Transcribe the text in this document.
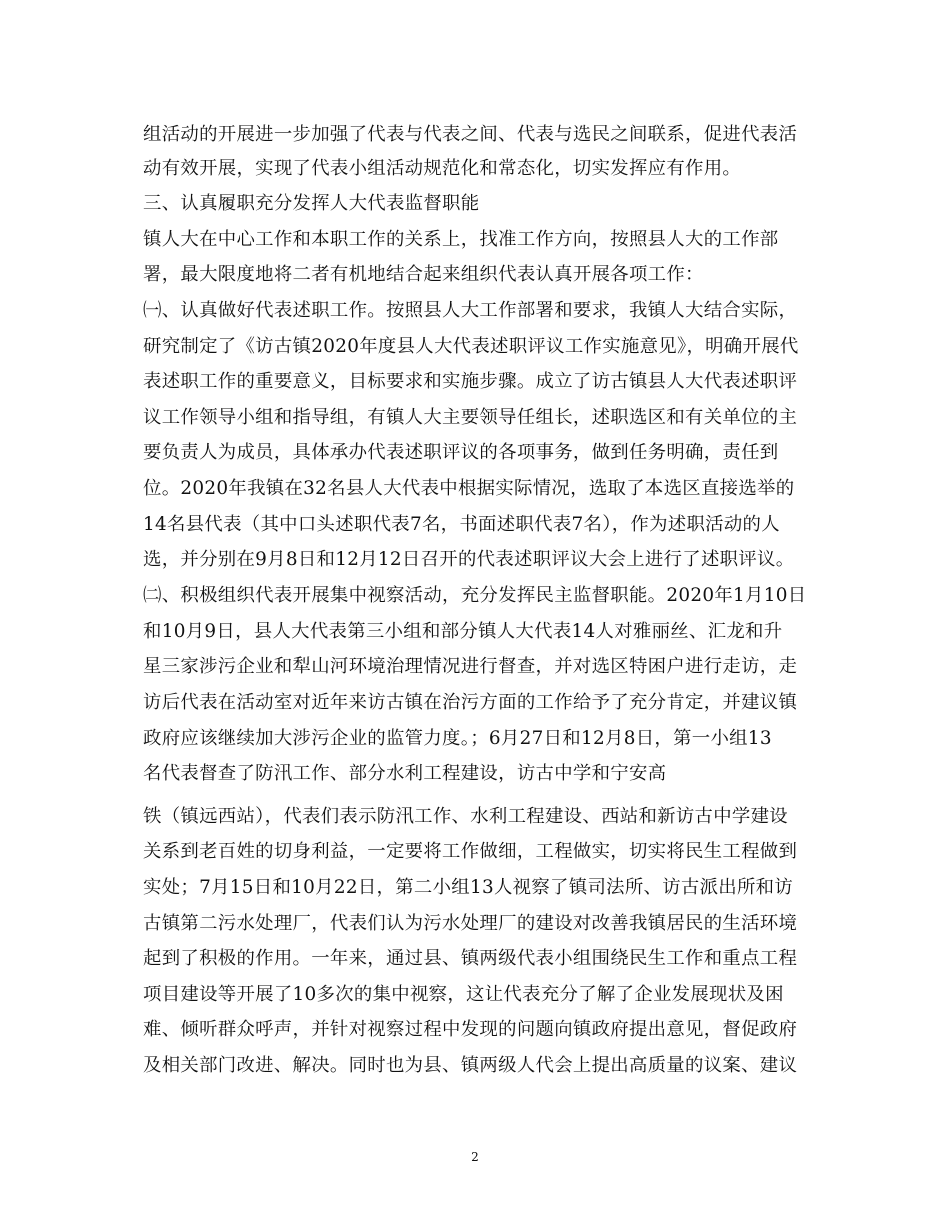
组活动的开展进一步加强了代表与代表之间、代表与选民之间联系，促进代表活
动有效开展，实现了代表小组活动规范化和常态化，切实发挥应有作用。
三、认真履职充分发挥人大代表监督职能
镇人大在中心工作和本职工作的关系上，找准工作方向，按照县人大的工作部
署，最大限度地将二者有机地结合起来组织代表认真开展各项工作：
㈠、认真做好代表述职工作。按照县人大工作部署和要求，我镇人大结合实际，
研究制定了《访古镇2020年度县人大代表述职评议工作实施意见》，明确开展代
表述职工作的重要意义，目标要求和实施步骤。成立了访古镇县人大代表述职评
议工作领导小组和指导组，有镇人大主要领导任组长，述职选区和有关单位的主
要负责人为成员，具体承办代表述职评议的各项事务，做到任务明确，责任到
位。2020年我镇在32名县人大代表中根据实际情况，选取了本选区直接选举的
14名县代表（其中口头述职代表7名，书面述职代表7名），作为述职活动的人
选，并分别在9月8日和12月12日召开的代表述职评议大会上进行了述职评议。
㈡、积极组织代表开展集中视察活动，充分发挥民主监督职能。2020年1月10日
和10月9日，县人大代表第三小组和部分镇人大代表14人对雅丽丝、汇龙和升
星三家涉污企业和犁山河环境治理情况进行督查，并对选区特困户进行走访，走
访后代表在活动室对近年来访古镇在治污方面的工作给予了充分肯定，并建议镇
政府应该继续加大涉污企业的监管力度。；6月27日和12月8日，第一小组13
名代表督查了防汛工作、部分水利工程建设，访古中学和宁安高
铁（镇远西站），代表们表示防汛工作、水利工程建设、西站和新访古中学建设
关系到老百姓的切身利益，一定要将工作做细，工程做实，切实将民生工程做到
实处；7月15日和10月22日，第二小组13人视察了镇司法所、访古派出所和访
古镇第二污水处理厂，代表们认为污水处理厂的建设对改善我镇居民的生活环境
起到了积极的作用。一年来，通过县、镇两级代表小组围绕民生工作和重点工程
项目建设等开展了10多次的集中视察，这让代表充分了解了企业发展现状及困
难、倾听群众呼声，并针对视察过程中发现的问题向镇政府提出意见，督促政府
及相关部门改进、解决。同时也为县、镇两级人代会上提出高质量的议案、建议
2
